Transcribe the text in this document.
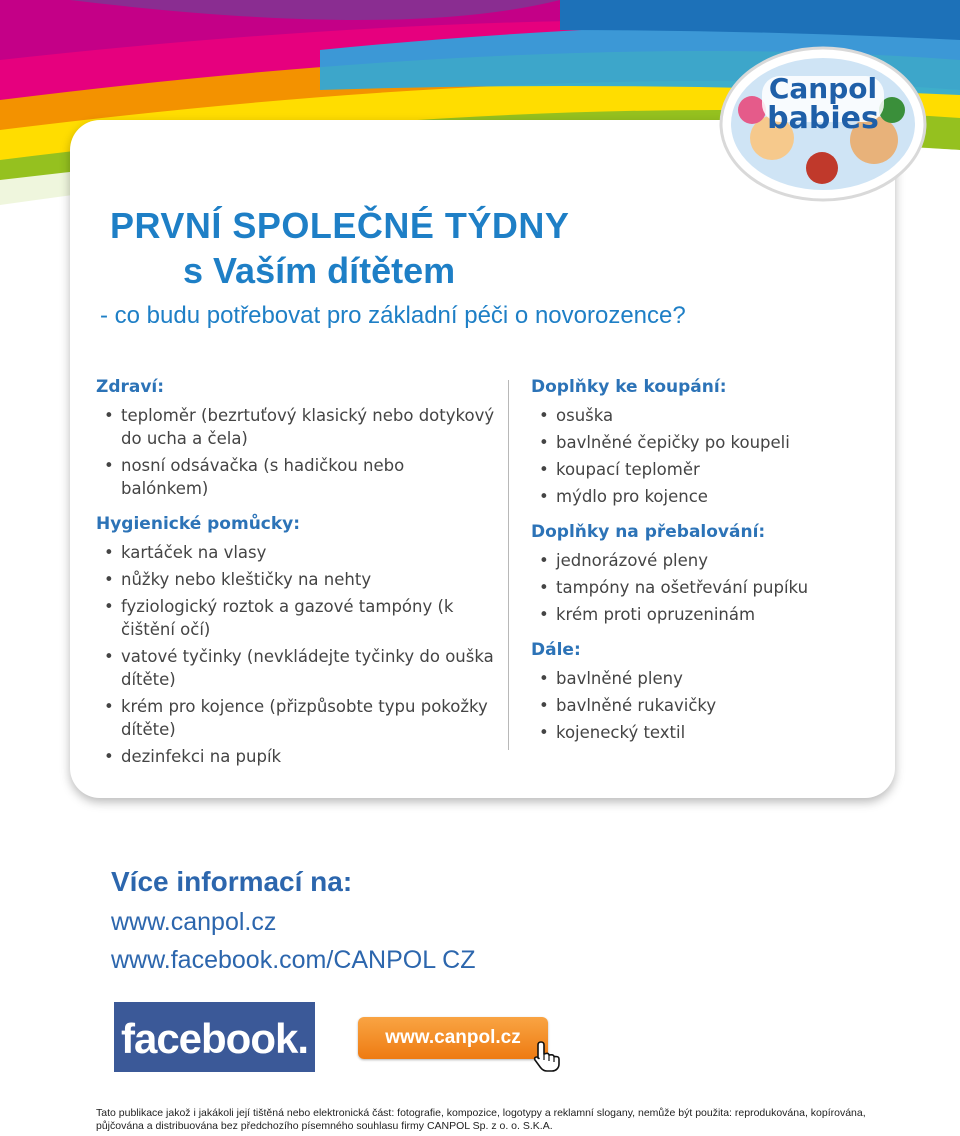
Canpol
babies
PRVNÍ SPOLEČNÉ TÝDNY
s Vaším dítětem
- co budu potřebovat pro základní péči o novorozence?
Zdraví:
• teploměr (bezrtuťový klasický nebo dotykový do ucha a čela)
• nosní odsávačka (s hadičkou nebo balónkem)
Hygienické pomůcky:
• kartáček na vlasy
• nůžky nebo kleštičky na nehty
• fyziologický roztok a gazové tampóny (k čištění očí)
• vatové tyčinky (nevkládejte tyčinky do ouška dítěte)
• krém pro kojence (přizpůsobte typu pokožky dítěte)
• dezinfekci na pupík
Doplňky ke koupání:
• osuška
• bavlněné čepičky po koupeli
• koupací teploměr
• mýdlo pro kojence
Doplňky na přebalování:
• jednorázové pleny
• tampóny na ošetřevání pupíku
• krém proti opruzeninám
Dále:
• bavlněné pleny
• bavlněné rukavičky
• kojenecký textil
Více informací na:
www.canpol.cz
www.facebook.com/CANPOL CZ
facebook.	www.canpol.cz
Tato publikace jakož i jakákoli její tištěná nebo elektronická část: fotografie, kompozice, logotypy a reklamní slogany, nemůže být použita: reprodukována, kopírována, půjčována a distribuována bez předchozího písemného souhlasu firmy CANPOL Sp. z o. o. S.K.A.
